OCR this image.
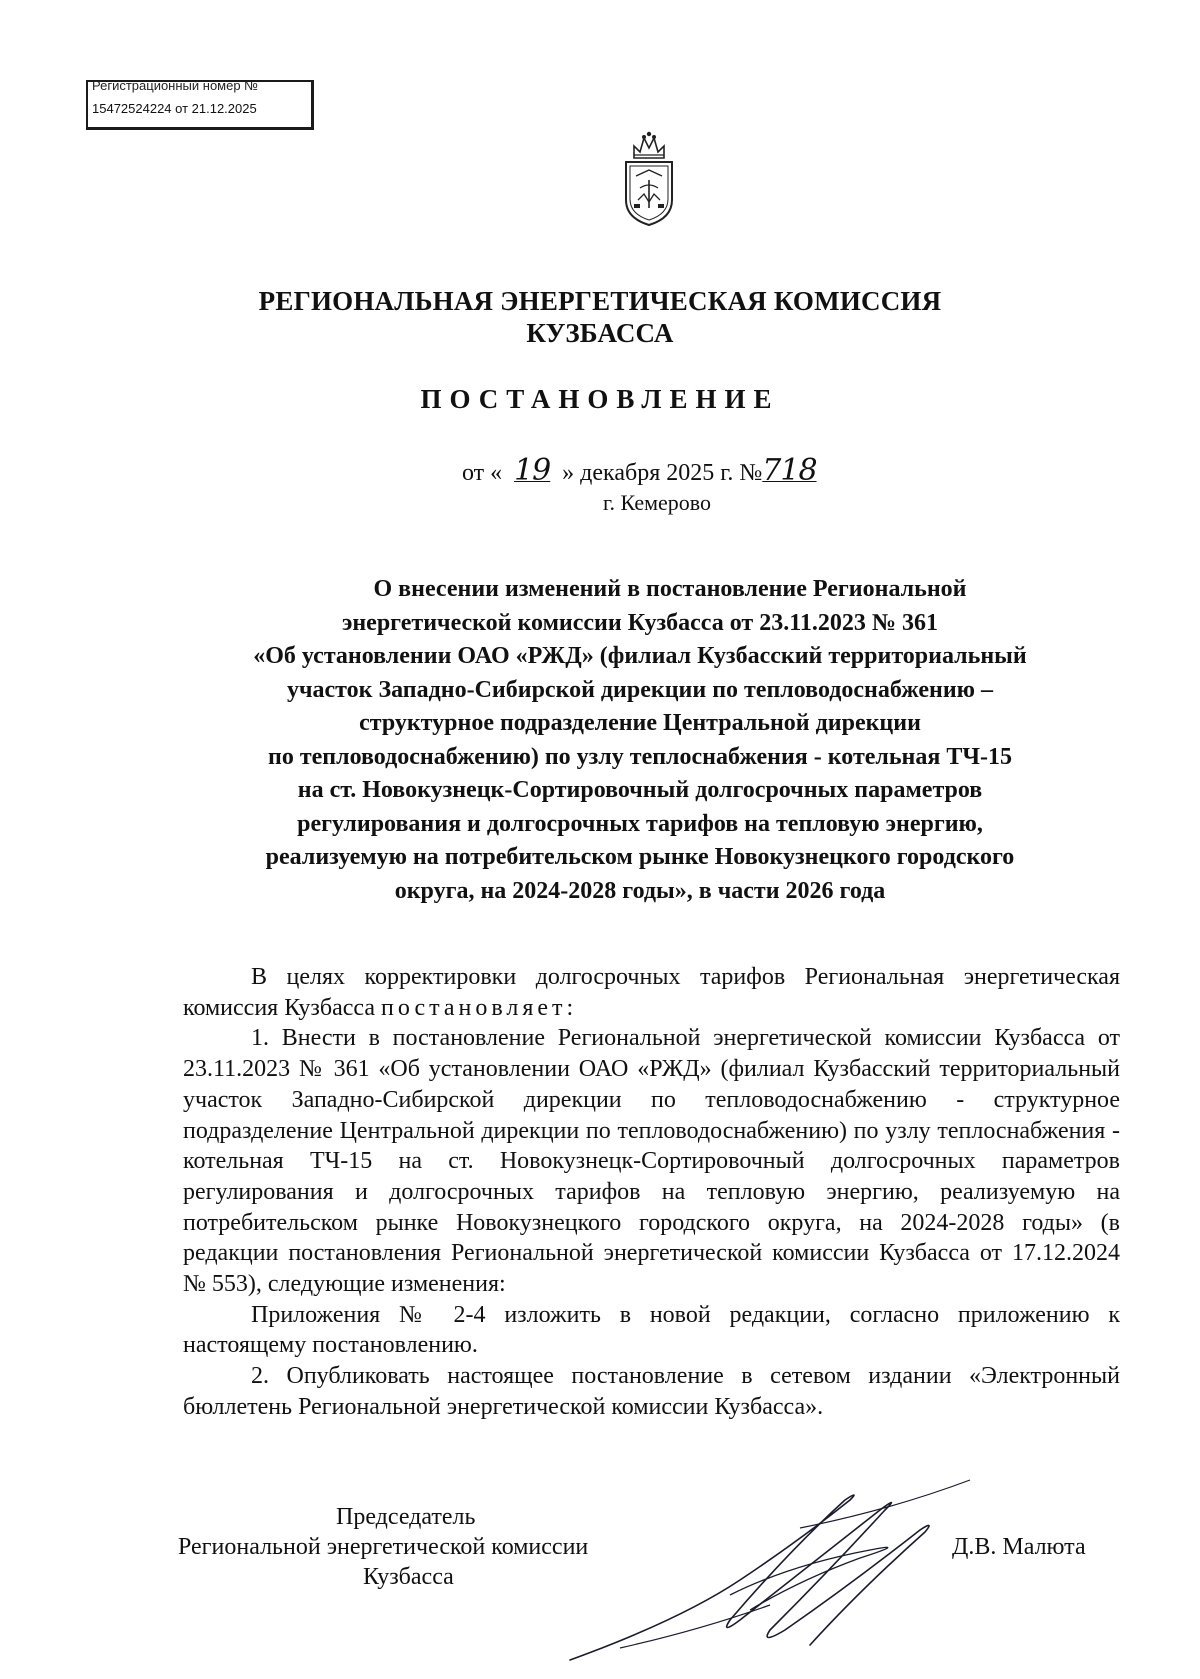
Регистрационный номер №
15472524224 от 21.12.2025
РЕГИОНАЛЬНАЯ ЭНЕРГЕТИЧЕСКАЯ КОМИССИЯ
КУЗБАССА
ПОСТАНОВЛЕНИЕ
от « 19 » декабря 2025 г. №718
г. Кемерово
О внесении изменений в постановление Региональной
энергетической комиссии Кузбасса от 23.11.2023 № 361
«Об установлении ОАО «РЖД» (филиал Кузбасский территориальный
участок Западно-Сибирской дирекции по тепловодоснабжению –
структурное подразделение Центральной дирекции
по тепловодоснабжению) по узлу теплоснабжения - котельная ТЧ-15
на ст. Новокузнецк-Сортировочный долгосрочных параметров
регулирования и долгосрочных тарифов на тепловую энергию,
реализуемую на потребительском рынке Новокузнецкого городского
округа, на 2024-2028 годы», в части 2026 года

В целях корректировки долгосрочных тарифов Региональная энергетическая комиссия Кузбасса постановляет:

1. Внести в постановление Региональной энергетической комиссии Кузбасса от 23.11.2023 № 361 «Об установлении ОАО «РЖД» (филиал Кузбасский территориальный участок Западно-Сибирской дирекции по тепловодоснабжению - структурное подразделение Центральной дирекции по тепловодоснабжению) по узлу теплоснабжения - котельная ТЧ-15 на ст. Новокузнецк-Сортировочный долгосрочных параметров регулирования и долгосрочных тарифов на тепловую энергию, реализуемую на потребительском рынке Новокузнецкого городского округа, на 2024-2028 годы» (в редакции постановления Региональной энергетической комиссии Кузбасса от 17.12.2024 № 553), следующие изменения:

Приложения № 2-4 изложить в новой редакции, согласно приложению к настоящему постановлению.

2. Опубликовать настоящее постановление в сетевом издании «Электронный бюллетень Региональной энергетической комиссии Кузбасса».

Председатель
Региональной энергетической комиссии
Кузбасса
Д.В. Малюта
